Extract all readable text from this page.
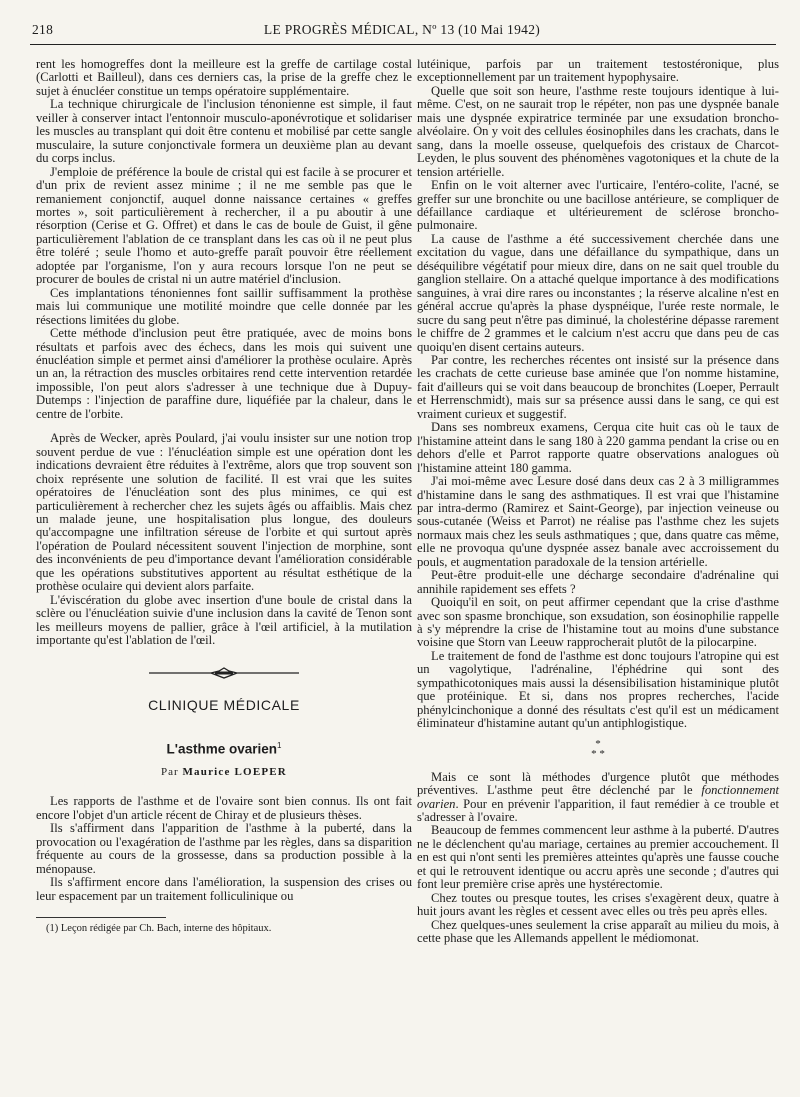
218	LE PROGRÈS MÉDICAL, Nº 13 (10 Mai 1942)

rent les homogreffes dont la meilleure est la greffe de cartilage costal (Carlotti et Bailleul), dans ces derniers cas, la prise de la greffe chez le sujet à énucléer constitue un temps opératoire supplémentaire.

La technique chirurgicale de l'inclusion ténonienne est simple, il faut veiller à conserver intact l'entonnoir musculo-aponévrotique et solidariser les muscles au transplant qui doit être contenu et mobilisé par cette sangle musculaire, la suture conjonctivale formera un deuxième plan au devant du corps inclus.

J'emploie de préférence la boule de cristal qui est facile à se procurer et d'un prix de revient assez minime ; il ne me semble pas que le remaniement conjonctif, auquel donne naissance certaines « greffes mortes », soit particulièrement à rechercher, il a pu aboutir à une résorption (Cerise et G. Offret) et dans le cas de boule de Guist, il gêne particulièrement l'ablation de ce transplant dans les cas où il ne peut plus être toléré ; seule l'homo et auto-greffe paraît pouvoir être réellement adoptée par l'organisme, l'on y aura recours lorsque l'on ne peut se procurer de boules de cristal ni un autre matériel d'inclusion.

Ces implantations ténoniennes font saillir suffisamment la prothèse mais lui communique une motilité moindre que celle donnée par les résections limitées du globe.

Cette méthode d'inclusion peut être pratiquée, avec de moins bons résultats et parfois avec des échecs, dans les mois qui suivent une énucléation simple et permet ainsi d'améliorer la prothèse oculaire. Après un an, la rétraction des muscles orbitaires rend cette intervention retardée impossible, l'on peut alors s'adresser à une technique due à Dupuy-Dutemps : l'injection de paraffine dure, liquéfiée par la chaleur, dans le centre de l'orbite.

Après de Wecker, après Poulard, j'ai voulu insister sur une notion trop souvent perdue de vue : l'énucléation simple est une opération dont les indications devraient être réduites à l'extrême, alors que trop souvent son choix représente une solution de facilité. Il est vrai que les suites opératoires de l'énucléation sont des plus minimes, ce qui est particulièrement à rechercher chez les sujets âgés ou affaiblis. Mais chez un malade jeune, une hospitalisation plus longue, des douleurs qu'accompagne une infiltration séreuse de l'orbite et qui surtout après l'opération de Poulard nécessitent souvent l'injection de morphine, sont des inconvénients de peu d'importance devant l'amélioration considérable que les opérations substitutives apportent au résultat esthétique de la prothèse oculaire qui devient alors parfaite.

L'éviscération du globe avec insertion d'une boule de cristal dans la sclère ou l'énucléation suivie d'une inclusion dans la cavité de Tenon sont les meilleurs moyens de pallier, grâce à l'œil artificiel, à la mutilation importante qu'est l'ablation de l'œil.

CLINIQUE MÉDICALE
L'asthme ovarien$^1$
Par Maurice LOEPER

Les rapports de l'asthme et de l'ovaire sont bien connus. Ils ont fait encore l'objet d'un article récent de Chiray et de plusieurs thèses.

Ils s'affirment dans l'apparition de l'asthme à la puberté, dans la provocation ou l'exagération de l'asthme par les règles, dans sa disparition fréquente au cours de la grossesse, dans sa production possible à la ménopause.

Ils s'affirment encore dans l'amélioration, la suspension des crises ou leur espacement par un traitement folliculinique ou

(1) Leçon rédigée par Ch. Bach, interne des hôpitaux.

lutéinique, parfois par un traitement testostéronique, plus exceptionnellement par un traitement hypophysaire.

Quelle que soit son heure, l'asthme reste toujours identique à lui-même. C'est, on ne saurait trop le répéter, non pas une dyspnée banale mais une dyspnée expiratrice terminée par une exsudation broncho-alvéolaire. On y voit des cellules éosinophiles dans les crachats, dans le sang, dans la moelle osseuse, quelquefois des cristaux de Charcot-Leyden, le plus souvent des phénomènes vagotoniques et la chute de la tension artérielle.

Enfin on le voit alterner avec l'urticaire, l'entéro-colite, l'acné, se greffer sur une bronchite ou une bacillose antérieure, se compliquer de défaillance cardiaque et ultérieurement de sclérose broncho-pulmonaire.

La cause de l'asthme a été successivement cherchée dans une excitation du vague, dans une défaillance du sympathique, dans un déséquilibre végétatif pour mieux dire, dans on ne sait quel trouble du ganglion stellaire. On a attaché quelque importance à des modifications sanguines, à vrai dire rares ou inconstantes ; la réserve alcaline n'est en général accrue qu'après la phase dyspnéique, l'urée reste normale, le sucre du sang peut n'être pas diminué, la cholestérine dépasse rarement le chiffre de 2 grammes et le calcium n'est accru que dans peu de cas quoiqu'en disent certains auteurs.

Par contre, les recherches récentes ont insisté sur la présence dans les crachats de cette curieuse base aminée que l'on nomme histamine, fait d'ailleurs qui se voit dans beaucoup de bronchites (Loeper, Perrault et Herrenschmidt), mais sur sa présence aussi dans le sang, ce qui est vraiment curieux et suggestif.

Dans ses nombreux examens, Cerqua cite huit cas où le taux de l'histamine atteint dans le sang 180 à 220 gamma pendant la crise ou en dehors d'elle et Parrot rapporte quatre observations analogues où l'histamine atteint 180 gamma.

J'ai moi-même avec Lesure dosé dans deux cas 2 à 3 milligrammes d'histamine dans le sang des asthmatiques. Il est vrai que l'histamine par intra-dermo (Ramirez et Saint-George), par injection veineuse ou sous-cutanée (Weiss et Parrot) ne réalise pas l'asthme chez les sujets normaux mais chez les seuls asthmatiques ; que, dans quatre cas même, elle ne provoqua qu'une dyspnée assez banale avec accroissement du pouls, et augmentation paradoxale de la tension artérielle.

Peut-être produit-elle une décharge secondaire d'adrénaline qui annihile rapidement ses effets ?

Quoiqu'il en soit, on peut affirmer cependant que la crise d'asthme avec son spasme bronchique, son exsudation, son éosinophilie rappelle à s'y méprendre la crise de l'histamine tout au moins d'une substance voisine que Storn van Leeuw rapprocherait plutôt de la pilocarpine.

Le traitement de fond de l'asthme est donc toujours l'atropine qui est un vagolytique, l'adrénaline, l'éphédrine qui sont des sympathicotoniques mais aussi la désensibilisation histaminique plutôt que protéinique. Et si, dans nos propres recherches, l'acide phénylcinchonique a donné des résultats c'est qu'il est un médicament éliminateur d'histamine autant qu'un antiphlogistique.

*
* *

Mais ce sont là méthodes d'urgence plutôt que méthodes préventives. L'asthme peut être déclenché par le fonctionnement ovarien. Pour en prévenir l'apparition, il faut remédier à ce trouble et s'adresser à l'ovaire.

Beaucoup de femmes commencent leur asthme à la puberté. D'autres ne le déclenchent qu'au mariage, certaines au premier accouchement. Il en est qui n'ont senti les premières atteintes qu'après une fausse couche et qui le retrouvent identique ou accru après une seconde ; d'autres qui font leur première crise après une hystérectomie.

Chez toutes ou presque toutes, les crises s'exagèrent deux, quatre à huit jours avant les règles et cessent avec elles ou très peu après elles.

Chez quelques-unes seulement la crise apparaît au milieu du mois, à cette phase que les Allemands appellent le médiomonat.
